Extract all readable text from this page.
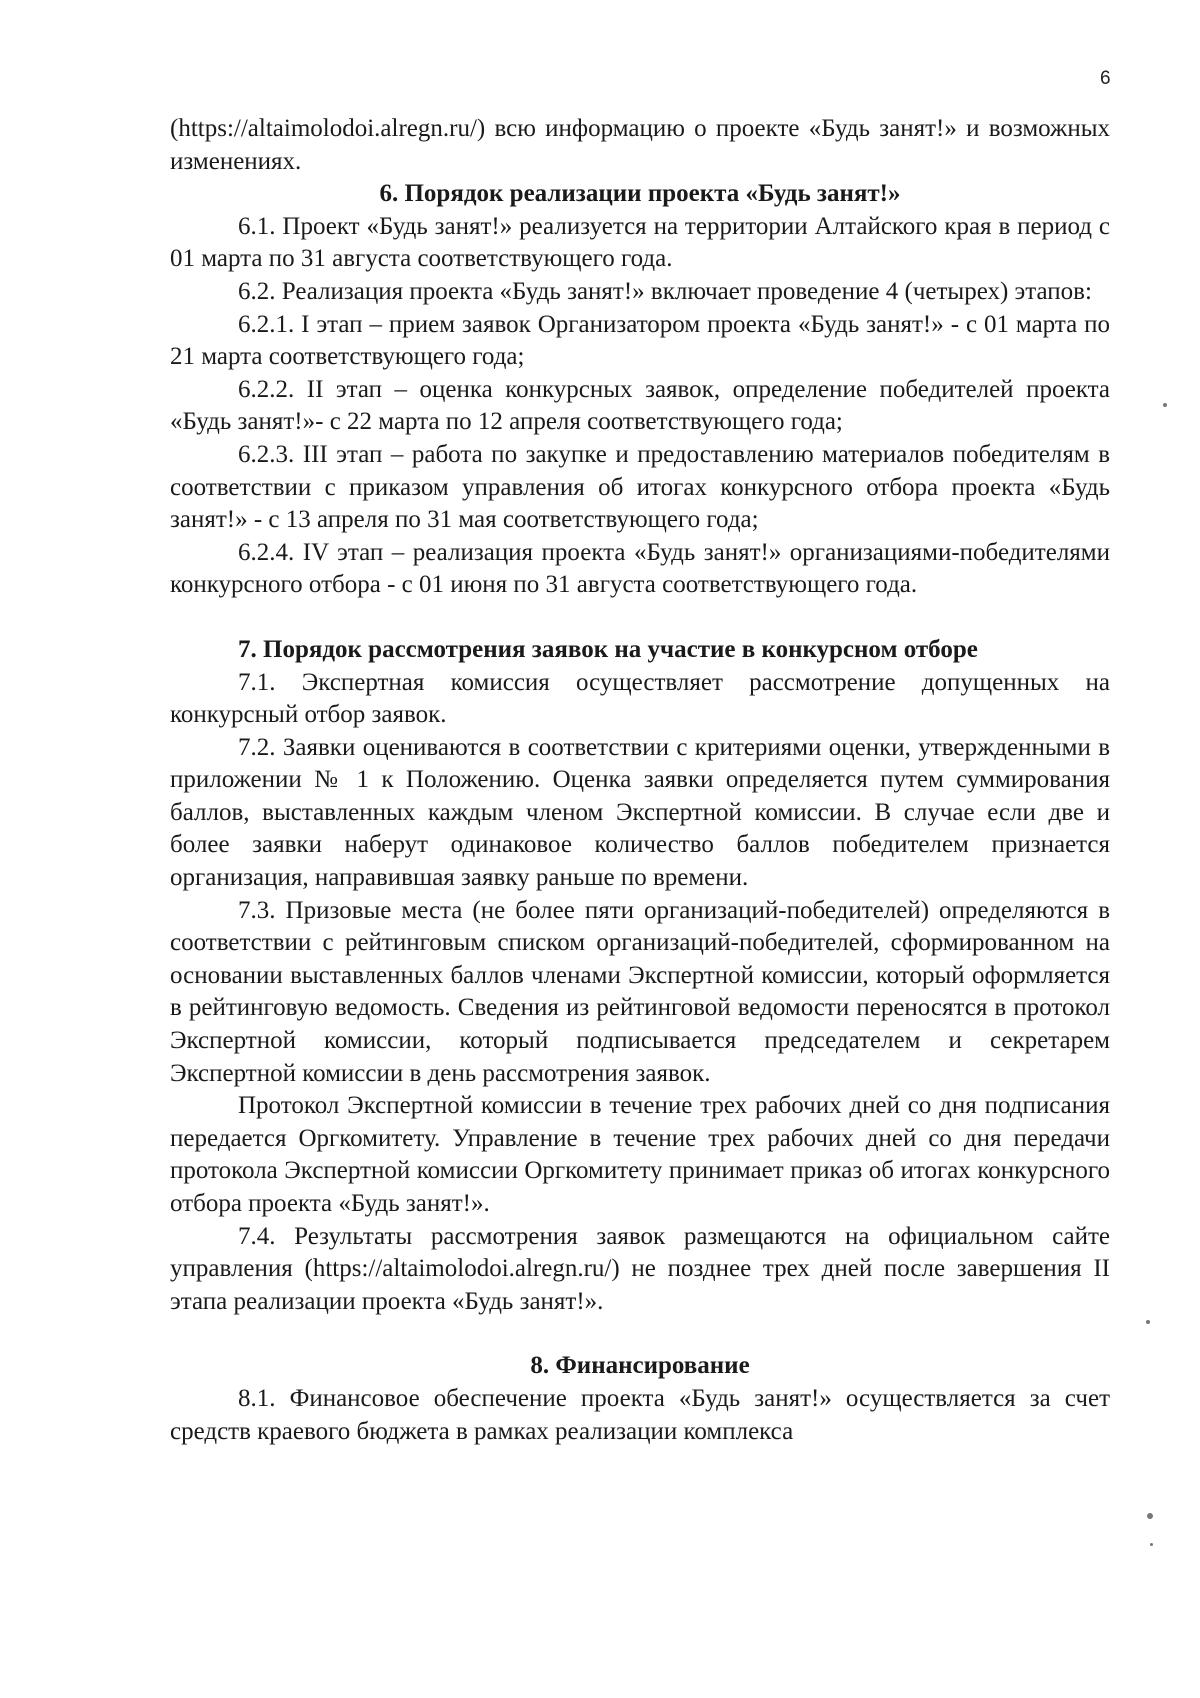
6

(https://altaimolodoi.alregn.ru/) всю информацию о проекте «Будь занят!» и возможных изменениях.

6. Порядок реализации проекта «Будь занят!»

6.1. Проект «Будь занят!» реализуется на территории Алтайского края в период с 01 марта по 31 августа соответствующего года.

6.2. Реализация проекта «Будь занят!» включает проведение 4 (четырех) этапов:

6.2.1. I этап – прием заявок Организатором проекта «Будь занят!» - с 01 марта по 21 марта соответствующего года;

6.2.2. II этап – оценка конкурсных заявок, определение победителей проекта «Будь занят!»- с 22 марта по 12 апреля соответствующего года;

6.2.3. III этап – работа по закупке и предоставлению материалов победителям в соответствии с приказом управления об итогах конкурсного отбора проекта «Будь занят!» - с 13 апреля по 31 мая соответствующего года;

6.2.4. IV этап – реализация проекта «Будь занят!» организациями-победителями конкурсного отбора - с 01 июня по 31 августа соответствующего года.

7. Порядок рассмотрения заявок на участие в конкурсном отборе

7.1. Экспертная комиссия осуществляет рассмотрение допущенных на конкурсный отбор заявок.

7.2. Заявки оцениваются в соответствии с критериями оценки, утвержденными в приложении № 1 к Положению. Оценка заявки определяется путем суммирования баллов, выставленных каждым членом Экспертной комиссии. В случае если две и более заявки наберут одинаковое количество баллов победителем признается организация, направившая заявку раньше по времени.

7.3. Призовые места (не более пяти организаций-победителей) определяются в соответствии с рейтинговым списком организаций-победителей, сформированном на основании выставленных баллов членами Экспертной комиссии, который оформляется в рейтинговую ведомость. Сведения из рейтинговой ведомости переносятся в протокол Экспертной комиссии, который подписывается председателем и секретарем Экспертной комиссии в день рассмотрения заявок.

Протокол Экспертной комиссии в течение трех рабочих дней со дня подписания передается Оргкомитету. Управление в течение трех рабочих дней со дня передачи протокола Экспертной комиссии Оргкомитету принимает приказ об итогах конкурсного отбора проекта «Будь занят!».

7.4. Результаты рассмотрения заявок размещаются на официальном сайте управления (https://altaimolodoi.alregn.ru/) не позднее трех дней после завершения II этапа реализации проекта «Будь занят!».

8. Финансирование

8.1. Финансовое обеспечение проекта «Будь занят!» осуществляется за счет средств краевого бюджета в рамках реализации комплекса
